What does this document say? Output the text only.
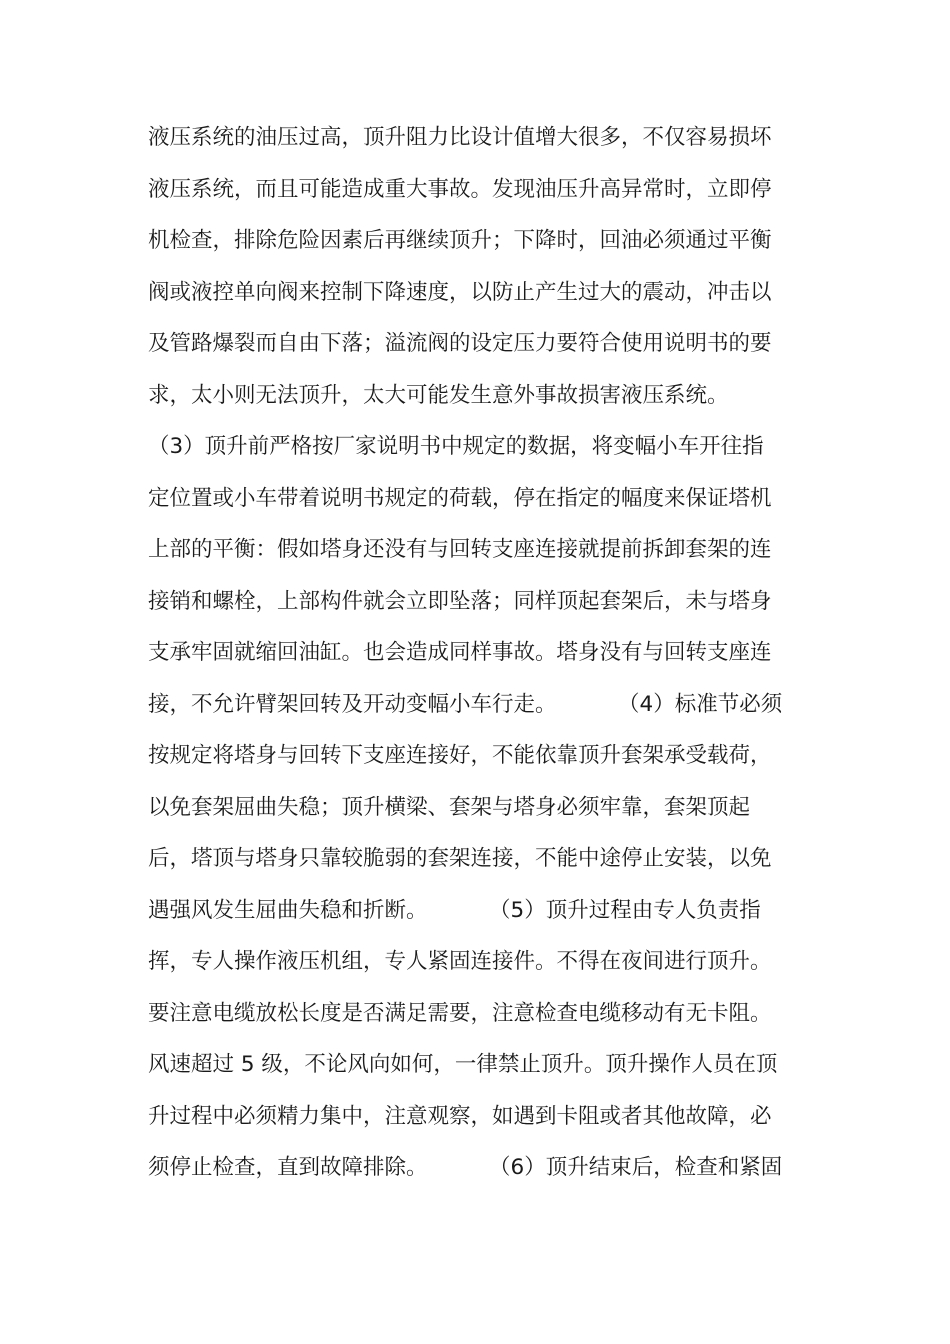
液压系统的油压过高，顶升阻力比设计值增大很多，不仅容易损坏
液压系统，而且可能造成重大事故。发现油压升高异常时，立即停
机检查，排除危险因素后再继续顶升；下降时，回油必须通过平衡
阀或液控单向阀来控制下降速度，以防止产生过大的震动，冲击以
及管路爆裂而自由下落；溢流阀的设定压力要符合使用说明书的要
求，太小则无法顶升，太大可能发生意外事故损害液压系统。
（3）顶升前严格按厂家说明书中规定的数据，将变幅小车开往指
定位置或小车带着说明书规定的荷载，停在指定的幅度来保证塔机
上部的平衡：假如塔身还没有与回转支座连接就提前拆卸套架的连
接销和螺栓，上部构件就会立即坠落；同样顶起套架后，未与塔身
支承牢固就缩回油缸。也会造成同样事故。塔身没有与回转支座连
接，不允许臂架回转及开动变幅小车行走。         （4）标准节必须
按规定将塔身与回转下支座连接好，不能依靠顶升套架承受载荷，
以免套架屈曲失稳；顶升横梁、套架与塔身必须牢靠，套架顶起
后，塔顶与塔身只靠较脆弱的套架连接，不能中途停止安装，以免
遇强风发生屈曲失稳和折断。         （5）顶升过程由专人负责指
挥，专人操作液压机组，专人紧固连接件。不得在夜间进行顶升。
要注意电缆放松长度是否满足需要，注意检查电缆移动有无卡阻。
风速超过 5 级，不论风向如何，一律禁止顶升。顶升操作人员在顶
升过程中必须精力集中，注意观察，如遇到卡阻或者其他故障，必
须停止检查，直到故障排除。         （6）顶升结束后，检查和紧固
